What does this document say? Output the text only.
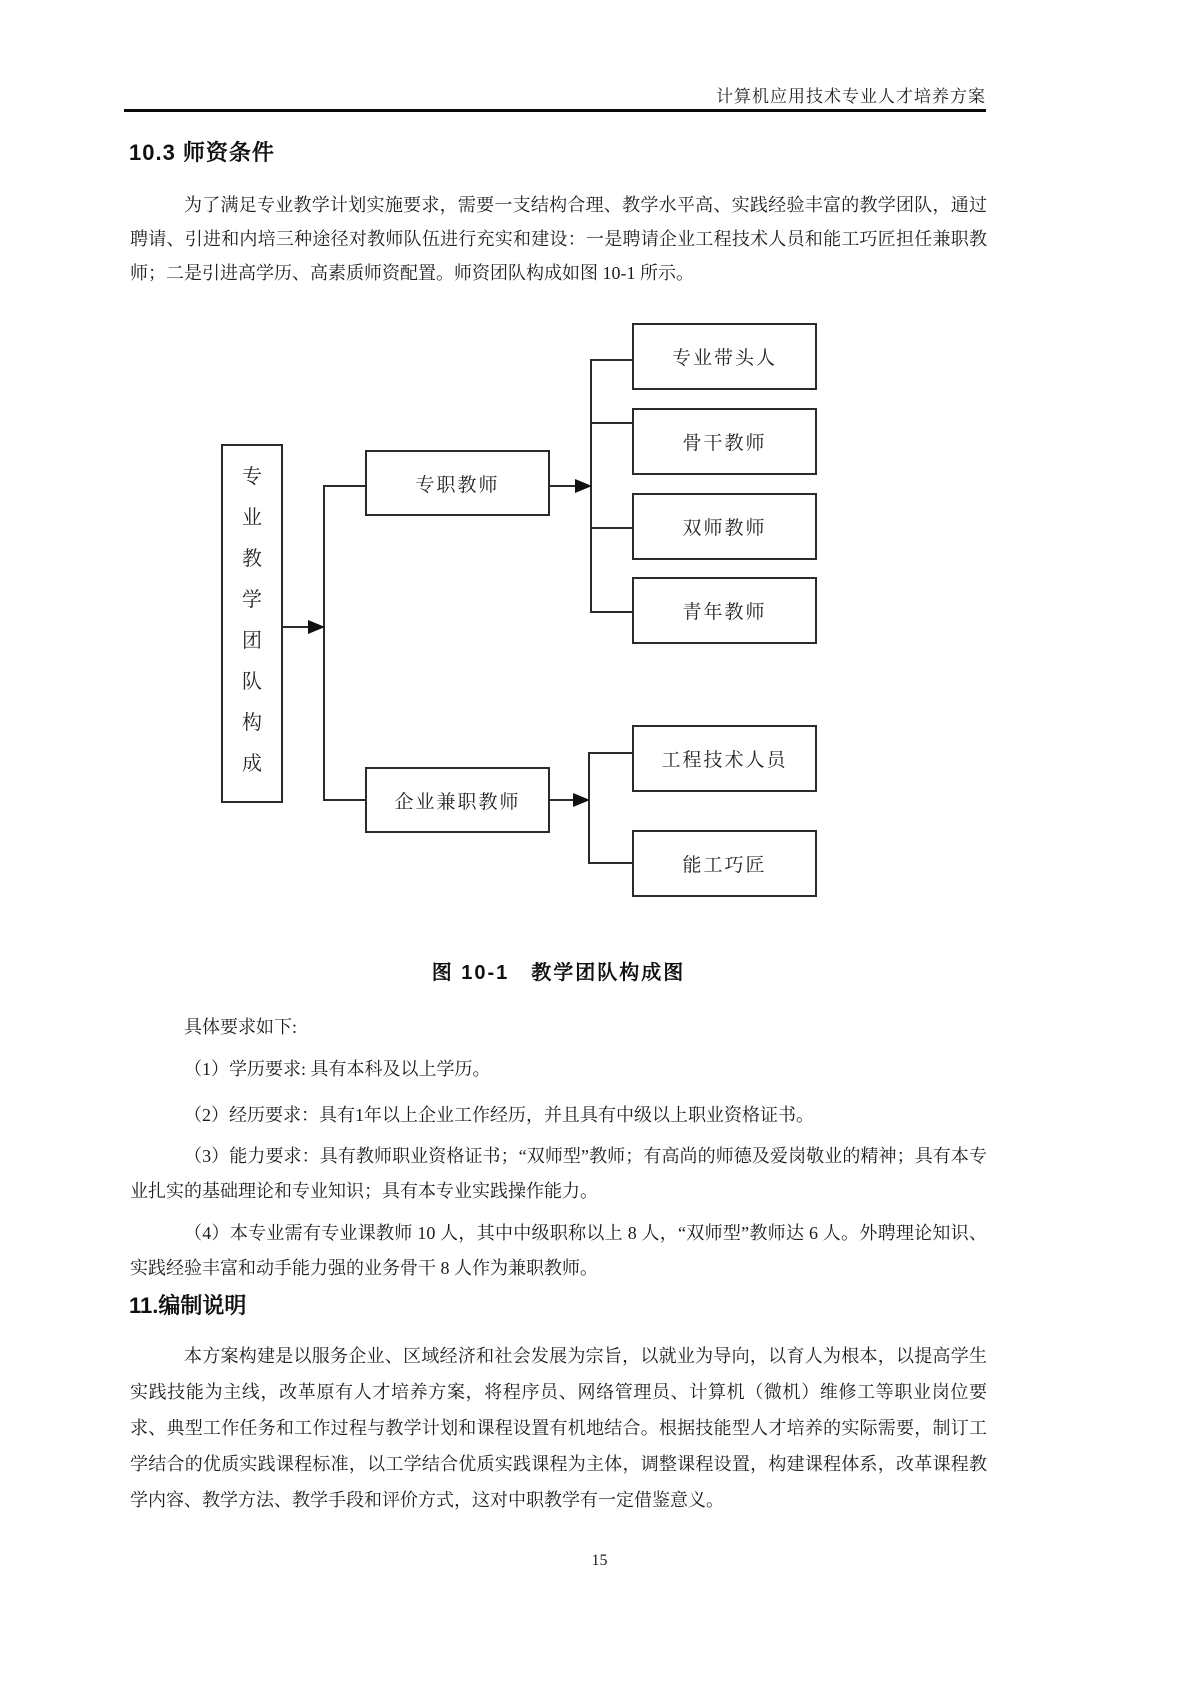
计算机应用技术专业人才培养方案
10.3 师资条件
为了满足专业教学计划实施要求，需要一支结构合理、教学水平高、实践经验丰富的教学团队，通过聘请、引进和内培三种途径对教师队伍进行充实和建设：一是聘请企业工程技术人员和能工巧匠担任兼职教师；二是引进高学历、高素质师资配置。师资团队构成如图 10-1 所示。
专业教学团队构成
专职教师
企业兼职教师
专业带头人
骨干教师
双师教师
青年教师
工程技术人员
能工巧匠
图 10-1　教学团队构成图

具体要求如下:

（1）学历要求: 具有本科及以上学历。

（2）经历要求：具有1年以上企业工作经历，并且具有中级以上职业资格证书。

（3）能力要求：具有教师职业资格证书；“双师型”教师；有高尚的师德及爱岗敬业的精神；具有本专业扎实的基础理论和专业知识；具有本专业实践操作能力。

（4）本专业需有专业课教师 10 人，其中中级职称以上 8 人，“双师型”教师达 6 人。外聘理论知识、实践经验丰富和动手能力强的业务骨干 8 人作为兼职教师。

11.编制说明
本方案构建是以服务企业、区域经济和社会发展为宗旨，以就业为导向，以育人为根本，以提高学生实践技能为主线，改革原有人才培养方案，将程序员、网络管理员、计算机（微机）维修工等职业岗位要求、典型工作任务和工作过程与教学计划和课程设置有机地结合。根据技能型人才培养的实际需要，制订工学结合的优质实践课程标准，以工学结合优质实践课程为主体，调整课程设置，构建课程体系，改革课程教学内容、教学方法、教学手段和评价方式，这对中职教学有一定借鉴意义。
15
